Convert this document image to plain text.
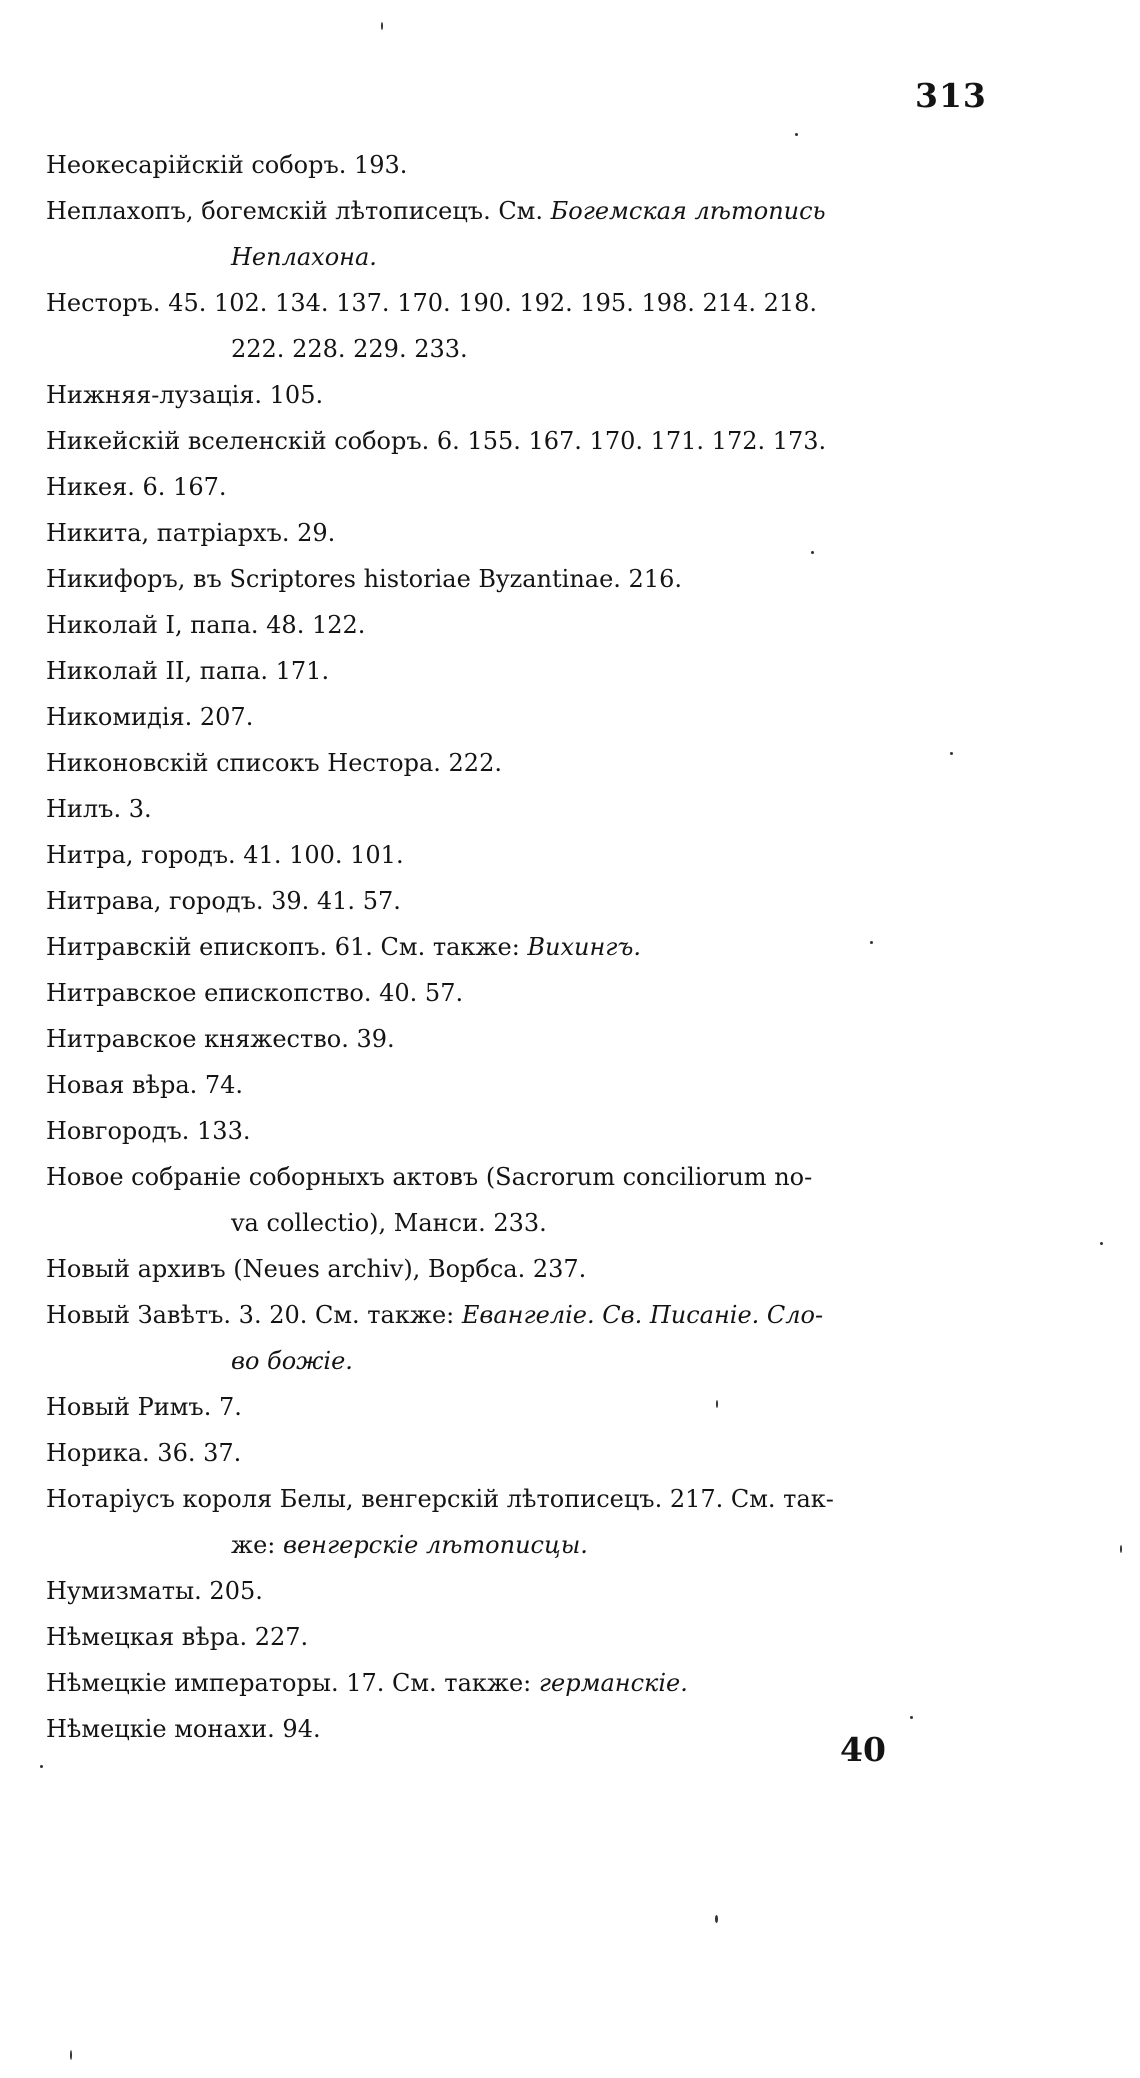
313
Неокесарійскій соборъ. 193.
Неплахопъ, богемскій лѣтописецъ. См. Богемская лѣтопись
Неплахона.
Несторъ. 45. 102. 134. 137. 170. 190. 192. 195. 198. 214. 218.
222. 228. 229. 233.
Нижняя-лузація. 105.
Никейскій вселенскій соборъ. 6. 155. 167. 170. 171. 172. 173.
Никея. 6. 167.
Никита, патріархъ. 29.
Никифоръ, въ Scriptores historiae Byzantinae. 216.
Николай I, папа. 48. 122.
Николай II, папа. 171.
Никомидія. 207.
Никоновскій списокъ Нестора. 222.
Нилъ. 3.
Нитра, городъ. 41. 100. 101.
Нитрава, городъ. 39. 41. 57.
Нитравскій епископъ. 61. См. также: Вихингъ.
Нитравское епископство. 40. 57.
Нитравское княжество. 39.
Новая вѣра. 74.
Новгородъ. 133.
Новое собраніе соборныхъ актовъ (Sacrorum conciliorum no-
va collectio), Манси. 233.
Новый архивъ (Neues archiv), Ворбса. 237.
Новый Завѣтъ. 3. 20. См. также: Евангеліе. Св. Писаніе. Сло-
во божіе.
Новый Римъ. 7.
Норика. 36. 37.
Нотаріусъ короля Белы, венгерскій лѣтописецъ. 217. См. так-
же: венгерскіе лѣтописцы.
Нумизматы. 205.
Нѣмецкая вѣра. 227.
Нѣмецкіе императоры. 17. См. также: германскіе.
Нѣмецкіе монахи. 94.
40
